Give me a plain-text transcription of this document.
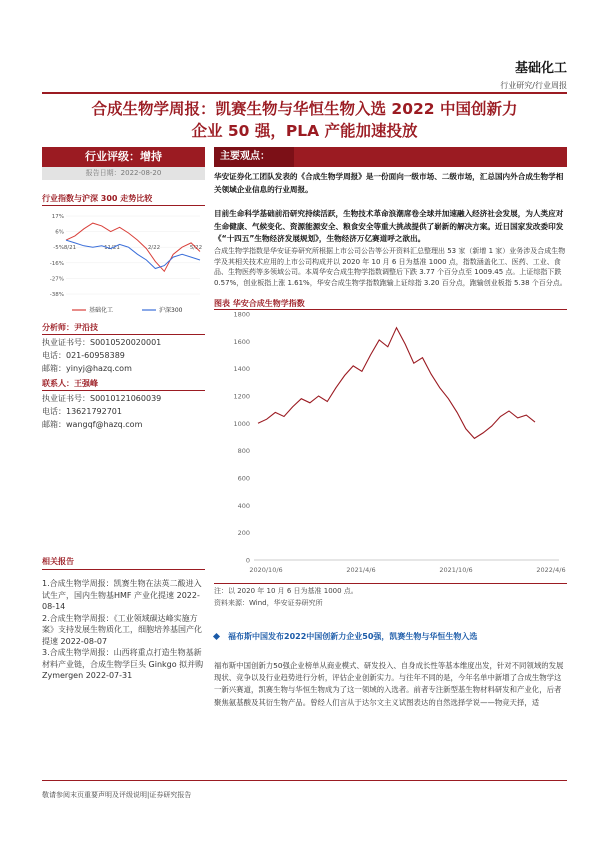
基础化工
行业研究/行业周报
合成生物学周报：凯赛生物与华恒生物入选 2022 中国创新力
企业 50 强，PLA 产能加速投放
行业评级：增持
报告日期：2022-08-20
行业指数与沪深 300 走势比较
17%
6%
-5%
-16%
-27%
-38%
8/21	11/21	2/22	5/22
基础化工	沪深300
分析师：尹沿技
执业证书号：S0010520020001
电话：021-60958389
邮箱：yinyj@hazq.com
联系人：王强峰
执业证书号：S0010121060039
电话：13621792701
邮箱：wangqf@hazq.com
相关报告

1.合成生物学周报：凯赛生物在法英二酸进入试生产，国内生物基HMF 产业化提速 2022-08-14

2.合成生物学周报：《工业领域碳达峰实施方案》支持发展生物质化工，细胞培养基国产化提速 2022-08-07

3.合成生物学周报：山西将重点打造生物基新材料产业链，合成生物学巨头 Ginkgo 拟并购 Zymergen 2022-07-31

主要观点：
华安证券化工团队发表的《合成生物学周报》是一份面向一级市场、二级市场，汇总国内外合成生物学相关领域企业信息的行业周报。
目前生命科学基础前沿研究持续活跃，生物技术革命浪潮席卷全球并加速融入经济社会发展，为人类应对生命健康、气候变化、资源能源安全、粮食安全等重大挑战提供了崭新的解决方案。近日国家发改委印发《“十四五”生物经济发展规划》，生物经济万亿赛道呼之欲出。
合成生物学指数是华安证券研究所根据上市公司公告等公开资料汇总整理出 53 家（新增 1 家）业务涉及合成生物学及其相关技术应用的上市公司构成并以 2020 年 10 月 6 日为基准 1000 点，指数涵盖化工、医药、工业、食品、生物医药等多领域公司。本周华安合成生物学指数调整后下跌 3.77 个百分点至 1009.45 点。上证综指下跌 0.57%，创业板指上涨 1.61%，华安合成生物学指数跑输上证综指 3.20 百分点，跑输创业板指 5.38 个百分点。
图表 华安合成生物学指数
0
200
400
600
800
1000
1200
1400
1600
1800
2020/10/6	2021/4/6	2021/10/6	2022/4/6
注：以 2020 年 10 月 6 日为基准 1000 点。
资料来源：Wind，华安证券研究所
福布斯中国发布2022中国创新力企业50强，凯赛生物与华恒生物入选
福布斯中国创新力50强企业榜单从商业模式、研发投入、自身成长性等基本维度出发，针对不同领域的发展现状、竞争以及行业趋势进行分析，评估企业创新实力。与往年不同的是，今年名单中新增了合成生物学这一新兴赛道，凯赛生物与华恒生物成为了这一领域的入选者。前者专注新型基生物材料研发和产业化，后者聚焦氨基酸及其衍生物产品。曾经人们言从于达尔文主义试图表达的自然选择学说——物竞天择，适
敬请参阅末页重要声明及评级说明|证券研究报告
